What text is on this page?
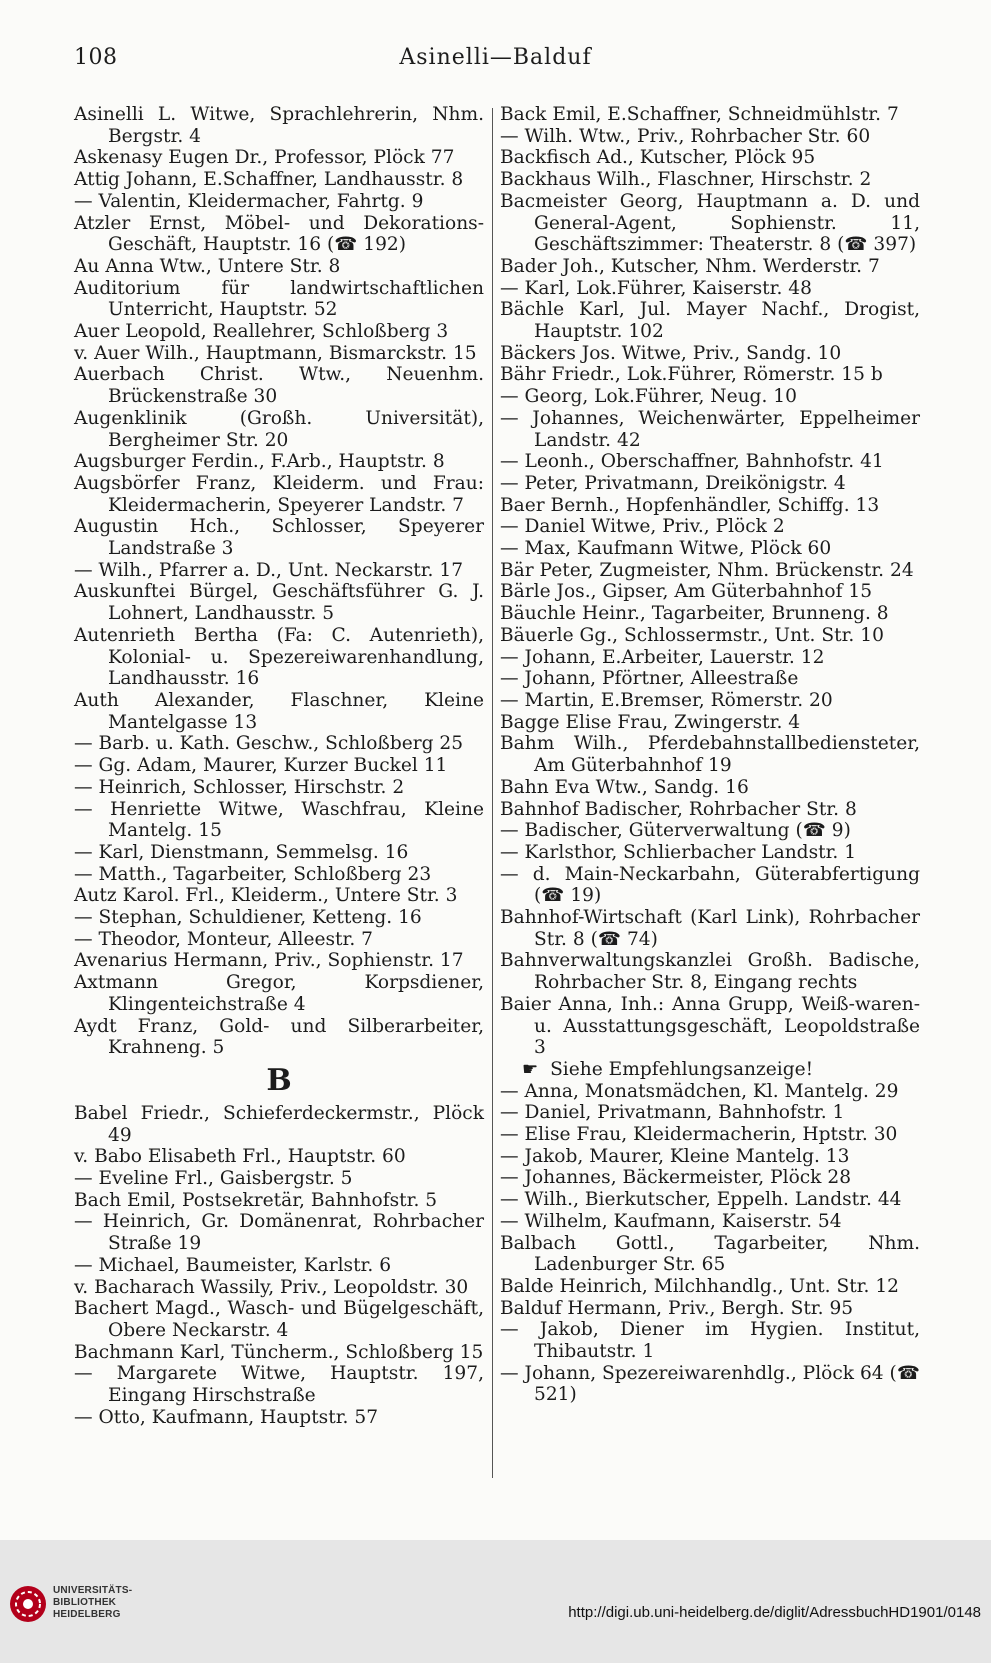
108	Asinelli—Balduf

Asinelli L. Witwe, Sprachlehrerin, Nhm. Bergstr. 4

Askenasy Eugen Dr., Professor, Plöck 77

Attig Johann, E.Schaffner, Landhausstr. 8

— Valentin, Kleidermacher, Fahrtg. 9

Atzler Ernst, Möbel- und Dekorations-Geschäft, Hauptstr. 16 (☎ 192)

Au Anna Wtw., Untere Str. 8

Auditorium für landwirtschaftlichen Unterricht, Hauptstr. 52

Auer Leopold, Reallehrer, Schloßberg 3

v. Auer Wilh., Hauptmann, Bismarckstr. 15

Auerbach Christ. Wtw., Neuenhm. Brückenstraße 30

Augenklinik (Großh. Universität), Bergheimer Str. 20

Augsburger Ferdin., F.Arb., Hauptstr. 8

Augsbörfer Franz, Kleiderm. und Frau: Kleidermacherin, Speyerer Landstr. 7

Augustin Hch., Schlosser, Speyerer Landstraße 3

— Wilh., Pfarrer a. D., Unt. Neckarstr. 17

Auskunftei Bürgel, Geschäftsführer G. J. Lohnert, Landhausstr. 5

Autenrieth Bertha (Fa: C. Autenrieth), Kolonial- u. Spezereiwarenhandlung, Landhausstr. 16

Auth Alexander, Flaschner, Kleine Mantelgasse 13

— Barb. u. Kath. Geschw., Schloßberg 25

— Gg. Adam, Maurer, Kurzer Buckel 11

— Heinrich, Schlosser, Hirschstr. 2

— Henriette Witwe, Waschfrau, Kleine Mantelg. 15

— Karl, Dienstmann, Semmelsg. 16

— Matth., Tagarbeiter, Schloßberg 23

Autz Karol. Frl., Kleiderm., Untere Str. 3

— Stephan, Schuldiener, Ketteng. 16

— Theodor, Monteur, Alleestr. 7

Avenarius Hermann, Priv., Sophienstr. 17

Axtmann Gregor, Korpsdiener, Klingenteichstraße 4

Aydt Franz, Gold- und Silberarbeiter, Krahneng. 5

B

Babel Friedr., Schieferdeckermstr., Plöck 49

v. Babo Elisabeth Frl., Hauptstr. 60

— Eveline Frl., Gaisbergstr. 5

Bach Emil, Postsekretär, Bahnhofstr. 5

— Heinrich, Gr. Domänenrat, Rohrbacher Straße 19

— Michael, Baumeister, Karlstr. 6

v. Bacharach Wassily, Priv., Leopoldstr. 30

Bachert Magd., Wasch- und Bügelgeschäft, Obere Neckarstr. 4

Bachmann Karl, Tüncherm., Schloßberg 15

— Margarete Witwe, Hauptstr. 197, Eingang Hirschstraße

— Otto, Kaufmann, Hauptstr. 57

Back Emil, E.Schaffner, Schneidmühlstr. 7

— Wilh. Wtw., Priv., Rohrbacher Str. 60

Backfisch Ad., Kutscher, Plöck 95

Backhaus Wilh., Flaschner, Hirschstr. 2

Bacmeister Georg, Hauptmann a. D. und General-Agent, Sophienstr. 11, Geschäftszimmer: Theaterstr. 8 (☎ 397)

Bader Joh., Kutscher, Nhm. Werderstr. 7

— Karl, Lok.Führer, Kaiserstr. 48

Bächle Karl, Jul. Mayer Nachf., Drogist, Hauptstr. 102

Bäckers Jos. Witwe, Priv., Sandg. 10

Bähr Friedr., Lok.Führer, Römerstr. 15 b

— Georg, Lok.Führer, Neug. 10

— Johannes, Weichenwärter, Eppelheimer Landstr. 42

— Leonh., Oberschaffner, Bahnhofstr. 41

— Peter, Privatmann, Dreikönigstr. 4

Baer Bernh., Hopfenhändler, Schiffg. 13

— Daniel Witwe, Priv., Plöck 2

— Max, Kaufmann Witwe, Plöck 60

Bär Peter, Zugmeister, Nhm. Brückenstr. 24

Bärle Jos., Gipser, Am Güterbahnhof 15

Bäuchle Heinr., Tagarbeiter, Brunneng. 8

Bäuerle Gg., Schlossermstr., Unt. Str. 10

— Johann, E.Arbeiter, Lauerstr. 12

— Johann, Pförtner, Alleestraße

— Martin, E.Bremser, Römerstr. 20

Bagge Elise Frau, Zwingerstr. 4

Bahm Wilh., Pferdebahnstallbediensteter, Am Güterbahnhof 19

Bahn Eva Wtw., Sandg. 16

Bahnhof Badischer, Rohrbacher Str. 8

— Badischer, Güterverwaltung (☎ 9)

— Karlsthor, Schlierbacher Landstr. 1

— d. Main-Neckarbahn, Güterabfertigung (☎ 19)

Bahnhof-Wirtschaft (Karl Link), Rohrbacher Str. 8 (☎ 74)

Bahnverwaltungskanzlei Großh. Badische, Rohrbacher Str. 8, Eingang rechts

Baier Anna, Inh.: Anna Grupp, Weiß-waren- u. Ausstattungsgeschäft, Leopoldstraße 3

☛ Siehe Empfehlungsanzeige!

— Anna, Monatsmädchen, Kl. Mantelg. 29

— Daniel, Privatmann, Bahnhofstr. 1

— Elise Frau, Kleidermacherin, Hptstr. 30

— Jakob, Maurer, Kleine Mantelg. 13

— Johannes, Bäckermeister, Plöck 28

— Wilh., Bierkutscher, Eppelh. Landstr. 44

— Wilhelm, Kaufmann, Kaiserstr. 54

Balbach Gottl., Tagarbeiter, Nhm. Ladenburger Str. 65

Balde Heinrich, Milchhandlg., Unt. Str. 12

Balduf Hermann, Priv., Bergh. Str. 95

— Jakob, Diener im Hygien. Institut, Thibautstr. 1

— Johann, Spezereiwarenhdlg., Plöck 64 (☎ 521)

UNIVERSITÄTS-
BIBLIOTHEK
HEIDELBERG	http://digi.ub.uni-heidelberg.de/diglit/AdressbuchHD1901/0148
